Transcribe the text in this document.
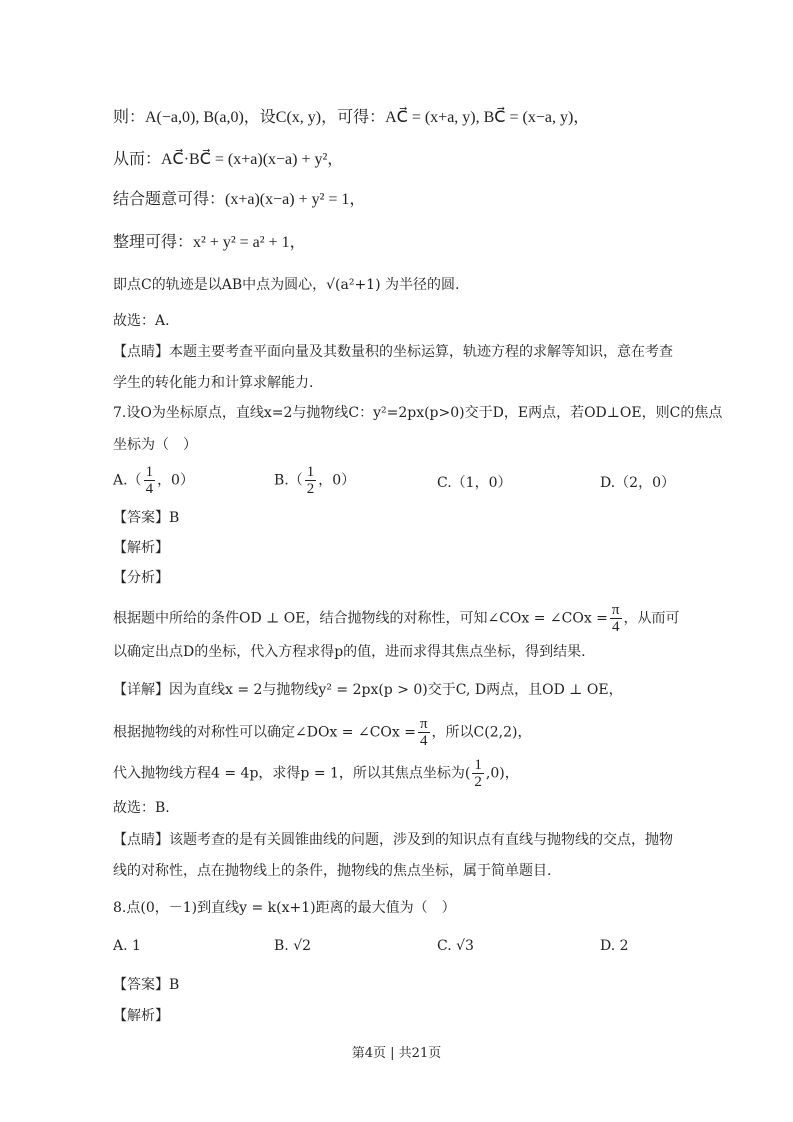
则：A(−a,0), B(a,0)，设C(x, y)，可得：AC⃗ = (x+a, y), BC⃗ = (x−a, y)，
从而：AC⃗·BC⃗ = (x+a)(x−a) + y²，
结合题意可得：(x+a)(x−a) + y² = 1，
整理可得：x² + y² = a² + 1，
即点C的轨迹是以AB中点为圆心，√(a²+1) 为半径的圆.
故选：A.
【点睛】本题主要考查平面向量及其数量积的坐标运算，轨迹方程的求解等知识，意在考查
学生的转化能力和计算求解能力.
7.设O为坐标原点，直线x=2与抛物线C：y²=2px(p>0)交于D，E两点，若OD⊥OE，则C的焦点
坐标为（　）
$A.( \frac{1}{4}$ ，0）	$B.( \frac{1}{2}$ ，0）	C.（1，0）	D.（2，0）
【答案】B
【解析】
【分析】
根据题中所给的条件OD ⊥ OE，结合抛物线的对称性，可知∠COx = ∠COx = $\frac{\pi}{4}$ ，从而可
以确定出点D的坐标，代入方程求得p的值，进而求得其焦点坐标，得到结果.
【详解】因为直线x = 2与抛物线y² = 2px(p > 0)交于C, D两点，且OD ⊥ OE，
根据抛物线的对称性可以确定∠DOx = ∠COx = $\frac{\pi}{4}$ ，所以C(2,2)，
代入抛物线方程4 = 4p，求得p = 1，所以其焦点坐标为( $\frac{1}{2} ,0$)，
故选：B.
【点睛】该题考查的是有关圆锥曲线的问题，涉及到的知识点有直线与抛物线的交点，抛物
线的对称性，点在抛物线上的条件，抛物线的焦点坐标，属于简单题目.
8.点(0，－1)到直线y = k(x+1)距离的最大值为（　）
A. 1	B. √2	C. √3	D. 2
【答案】B
【解析】
第4页 | 共21页
